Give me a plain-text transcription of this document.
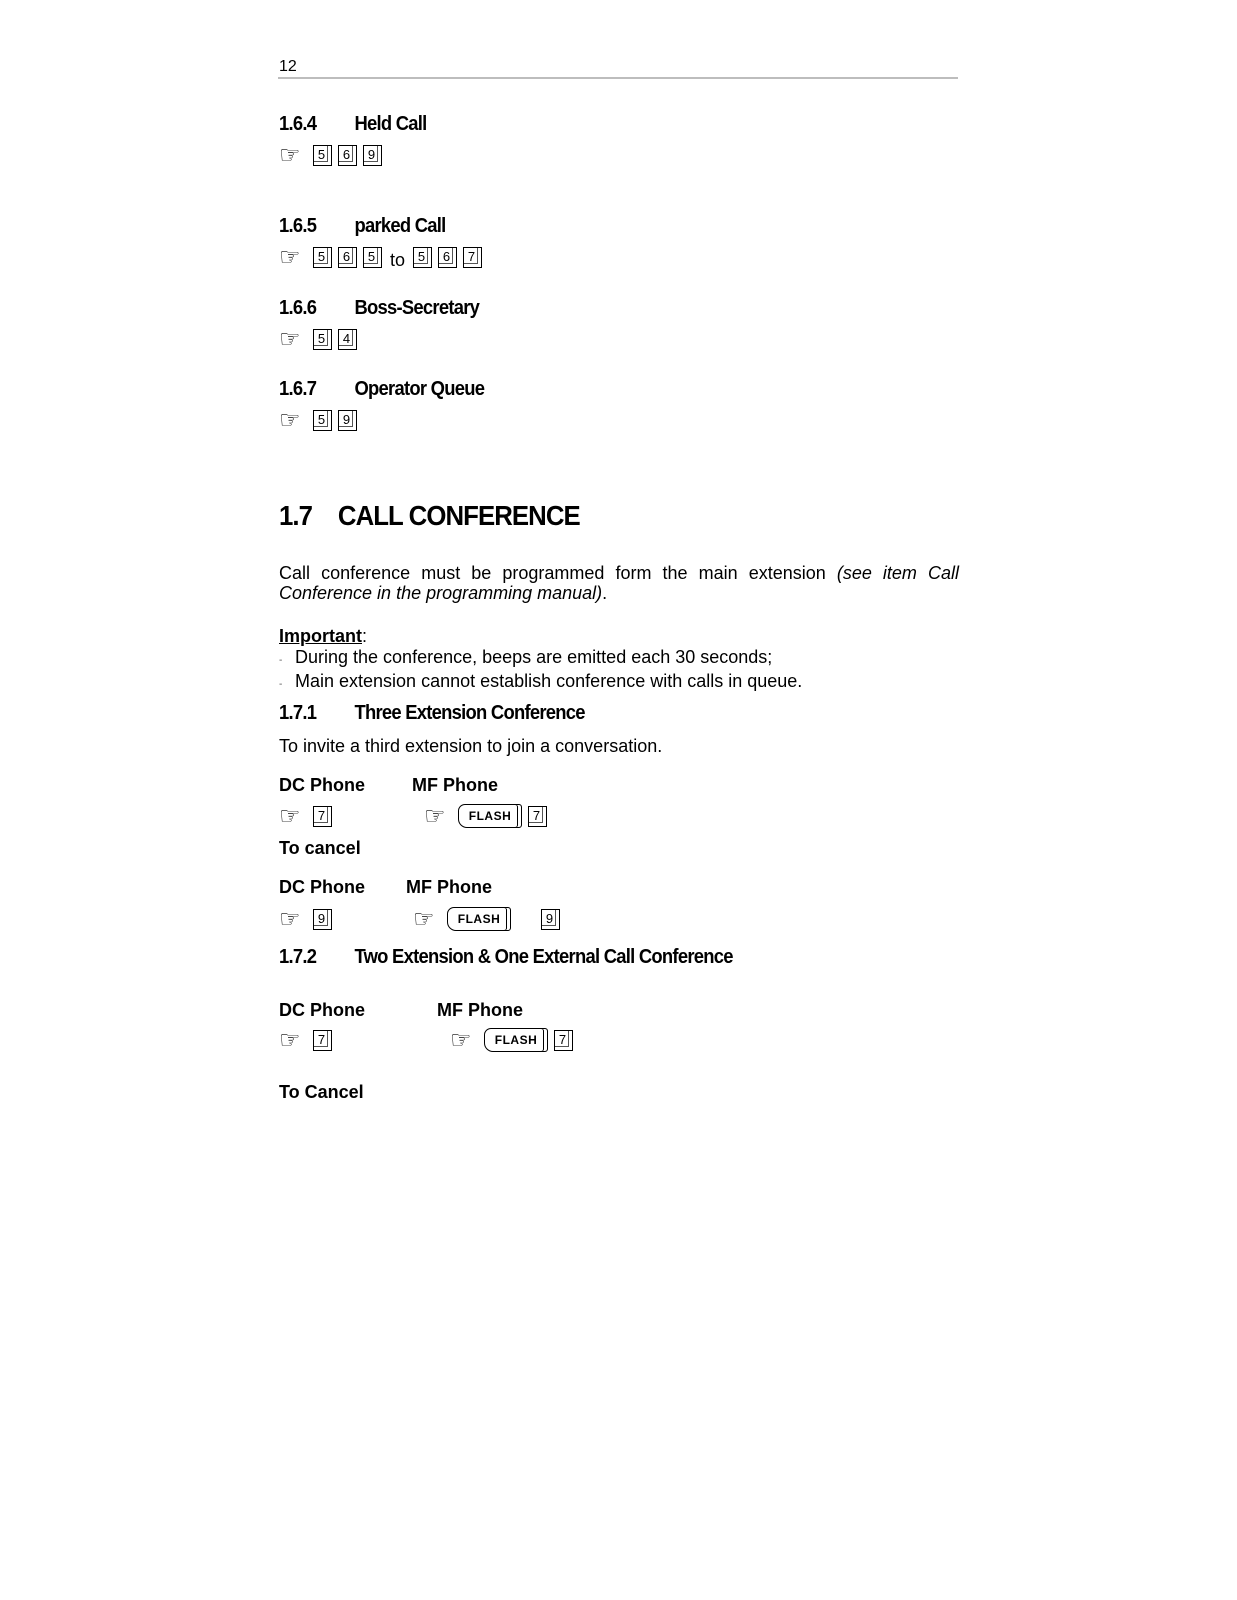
12
1.6.4 Held Call
☞	5	6	9
1.6.5 parked Call
☞	5	6	5 to 5	6	7
1.6.6 Boss-Secretary
☞	5	4
1.6.7 Operator Queue
☞	5	9
1.7 CALL CONFERENCE
Call conference must be programmed form the main extension (see item Call Conference in the programming manual).
Important:
- During the conference, beeps are emitted each 30 seconds;
- Main extension cannot establish conference with calls in queue.
1.7.1 Three Extension Conference
To invite a third extension to join a conversation.
DC Phone	MF Phone
☞	7	☞	FLASH	7
To cancel
DC Phone MF Phone
☞	9	☞	FLASH	9
1.7.2 Two Extension & One External Call Conference
DC Phone	MF Phone
☞	7	☞	FLASH	7
To Cancel
